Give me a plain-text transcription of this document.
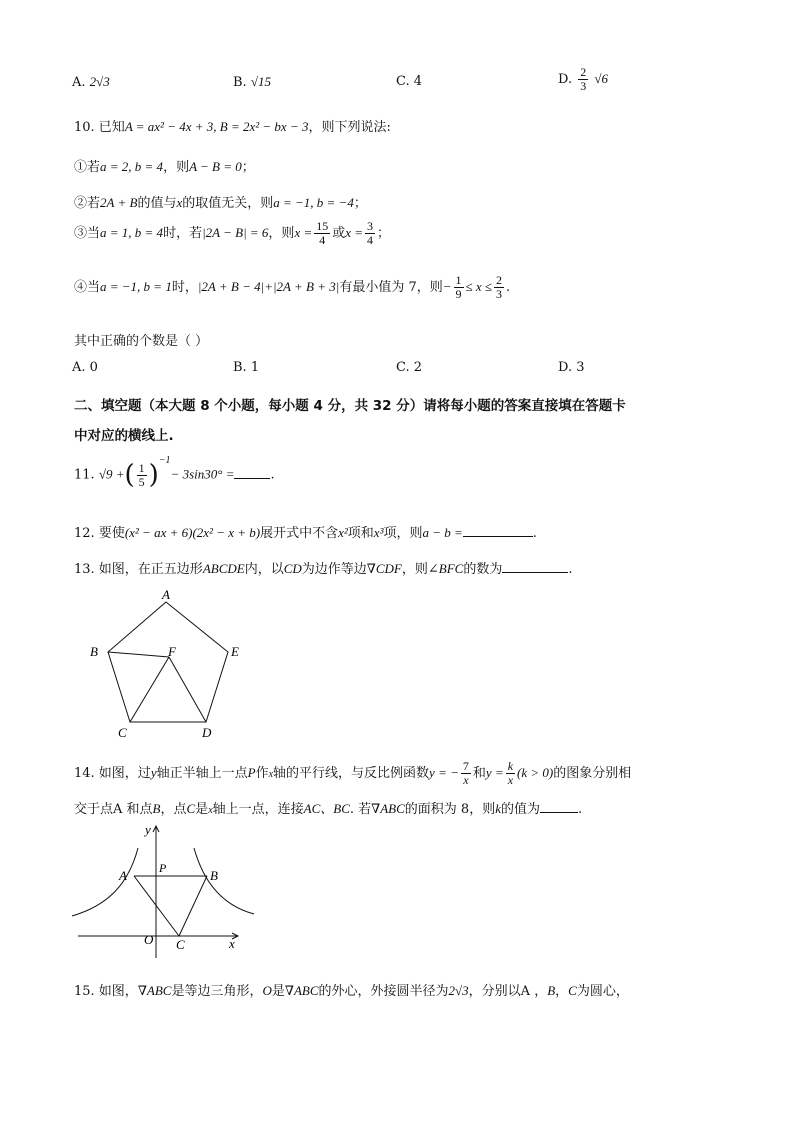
A. 2√3	B. √15	C. 4	D. $\frac{2}{3} √6$
10. 已知A = ax² − 4x + 3, B = 2x² − bx − 3，则下列说法:
①若a = 2, b = 4，则A − B = 0；
②若2A + B的值与x的取值无关，则a = −1, b = −4；
③当a = 1, b = 4时，若|2A − B| = 6，则$x = \frac{15}{4}$ 或$x = \frac{3}{4}$ ；
④当a = −1, b = 1时，|2A + B − 4|+|2A + B + 3|有最小值为 7，则− $\frac{1}{9} \le x \le \frac{2}{3}$ .
其中正确的个数是（ ）
A. 0	B. 1	C. 2	D. 3
二、填空题（本大题 8 个小题，每小题 4 分，共 32 分）请将每小题的答案直接填在答题卡
中对应的横线上.
11. √9 +( $\frac{1}{5} )^{-1}- 3\sin 30^\circ$ =	.
12. 要使(x² − ax + 6)(2x² − x + b)展开式中不含x²项和x³项，则a − b =	.
13. 如图，在正五边形ABCDE内，以CD为边作等边∇CDF，则∠BFC的数为	.
A
B	F	E
C	D
14. 如图，过y轴正半轴上一点P作x轴的平行线，与反比例函数y = − $\frac{7}{x}$ 和$y = \frac{k}{x} (k > 0)$的图象分别相
交于点A 和点B，点C是x轴上一点，连接AC、BC. 若∇ABC的面积为 8，则k的值为	.
y
P
A	B
O C	x
15. 如图，∇ABC是等边三角形，O是∇ABC的外心，外接圆半径为2√3，分别以A ，B，C为圆心，
